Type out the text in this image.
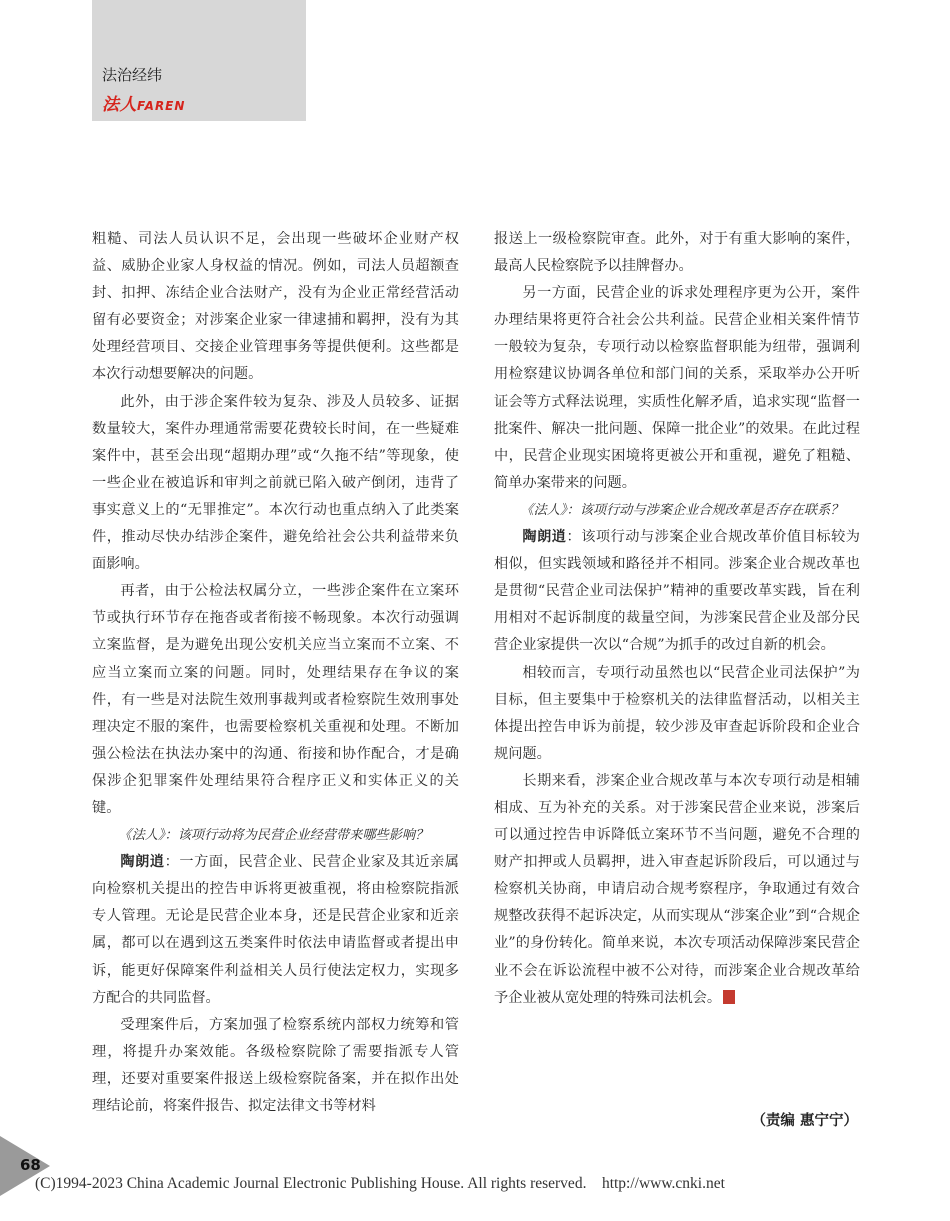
法治经纬
法人FAREN

粗糙、司法人员认识不足，会出现一些破坏企业财产权益、威胁企业家人身权益的情况。例如，司法人员超额查封、扣押、冻结企业合法财产，没有为企业正常经营活动留有必要资金；对涉案企业家一律逮捕和羁押，没有为其处理经营项目、交接企业管理事务等提供便利。这些都是本次行动想要解决的问题。

此外，由于涉企案件较为复杂、涉及人员较多、证据数量较大，案件办理通常需要花费较长时间，在一些疑难案件中，甚至会出现“超期办理”或“久拖不结”等现象，使一些企业在被追诉和审判之前就已陷入破产倒闭，违背了事实意义上的“无罪推定”。本次行动也重点纳入了此类案件，推动尽快办结涉企案件，避免给社会公共利益带来负面影响。

再者，由于公检法权属分立，一些涉企案件在立案环节或执行环节存在拖沓或者衔接不畅现象。本次行动强调立案监督，是为避免出现公安机关应当立案而不立案、不应当立案而立案的问题。同时，处理结果存在争议的案件，有一些是对法院生效刑事裁判或者检察院生效刑事处理决定不服的案件，也需要检察机关重视和处理。不断加强公检法在执法办案中的沟通、衔接和协作配合，才是确保涉企犯罪案件处理结果符合程序正义和实体正义的关键。

《法人》：该项行动将为民营企业经营带来哪些影响？

陶朗逍：一方面，民营企业、民营企业家及其近亲属向检察机关提出的控告申诉将更被重视，将由检察院指派专人管理。无论是民营企业本身，还是民营企业家和近亲属，都可以在遇到这五类案件时依法申请监督或者提出申诉，能更好保障案件利益相关人员行使法定权力，实现多方配合的共同监督。

受理案件后，方案加强了检察系统内部权力统筹和管理，将提升办案效能。各级检察院除了需要指派专人管理，还要对重要案件报送上级检察院备案，并在拟作出处理结论前，将案件报告、拟定法律文书等材料

报送上一级检察院审查。此外，对于有重大影响的案件，最高人民检察院予以挂牌督办。

另一方面，民营企业的诉求处理程序更为公开，案件办理结果将更符合社会公共利益。民营企业相关案件情节一般较为复杂，专项行动以检察监督职能为纽带，强调利用检察建议协调各单位和部门间的关系，采取举办公开听证会等方式释法说理，实质性化解矛盾，追求实现“监督一批案件、解决一批问题、保障一批企业”的效果。在此过程中，民营企业现实困境将更被公开和重视，避免了粗糙、简单办案带来的问题。

《法人》：该项行动与涉案企业合规改革是否存在联系？

陶朗逍：该项行动与涉案企业合规改革价值目标较为相似，但实践领域和路径并不相同。涉案企业合规改革也是贯彻“民营企业司法保护”精神的重要改革实践，旨在利用相对不起诉制度的裁量空间，为涉案民营企业及部分民营企业家提供一次以“合规”为抓手的改过自新的机会。

相较而言，专项行动虽然也以“民营企业司法保护”为目标，但主要集中于检察机关的法律监督活动，以相关主体提出控告申诉为前提，较少涉及审查起诉阶段和企业合规问题。

长期来看，涉案企业合规改革与本次专项行动是相辅相成、互为补充的关系。对于涉案民营企业来说，涉案后可以通过控告申诉降低立案环节不当问题，避免不合理的财产扣押或人员羁押，进入审查起诉阶段后，可以通过与检察机关协商，申请启动合规考察程序，争取通过有效合规整改获得不起诉决定，从而实现从“涉案企业”到“合规企业”的身份转化。简单来说，本次专项活动保障涉案民营企业不会在诉讼流程中被不公对待，而涉案企业合规改革给予企业被从宽处理的特殊司法机会。

（责编 惠宁宁）
68
(C)1994-2023 China Academic Journal Electronic Publishing House. All rights reserved.    http://www.cnki.net
